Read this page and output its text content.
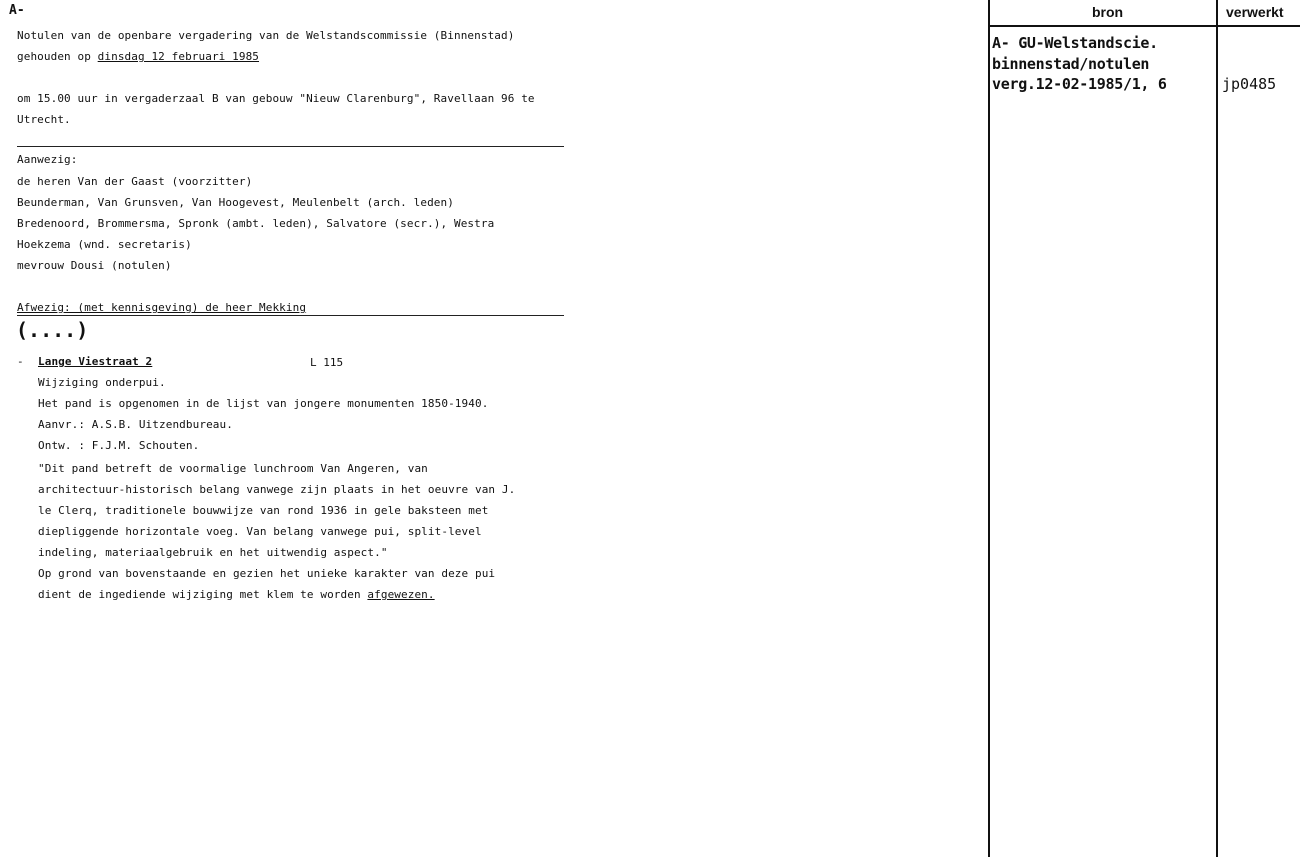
A-
Notulen van de openbare vergadering van de Welstandscommissie (Binnenstad)
gehouden op dinsdag 12 februari 1985
om 15.00 uur in vergaderzaal B van gebouw "Nieuw Clarenburg", Ravellaan 96 te
Utrecht.
Aanwezig:
de heren Van der Gaast (voorzitter)
Beunderman, Van Grunsven, Van Hoogevest, Meulenbelt (arch. leden)
Bredenoord, Brommersma, Spronk (ambt. leden), Salvatore (secr.), Westra
Hoekzema (wnd. secretaris)
mevrouw Dousi (notulen)
Afwezig: (met kennisgeving) de heer Mekking
(....)
- Lange Viestraat 2	L 115
Wijziging onderpui.
Het pand is opgenomen in de lijst van jongere monumenten 1850-1940.
Aanvr.: A.S.B. Uitzendbureau.
Ontw. : F.J.M. Schouten.
"Dit pand betreft de voormalige lunchroom Van Angeren, van
architectuur-historisch belang vanwege zijn plaats in het oeuvre van J.
le Clerq, traditionele bouwwijze van rond 1936 in gele baksteen met
diepliggende horizontale voeg. Van belang vanwege pui, split-level
indeling, materiaalgebruik en het uitwendig aspect."
Op grond van bovenstaande en gezien het unieke karakter van deze pui
dient de ingediende wijziging met klem te worden afgewezen.
bron	verwerkt
A- GU-Welstandscie.
binnenstad/notulen
verg.12-02-1985/1, 6	jp0485
